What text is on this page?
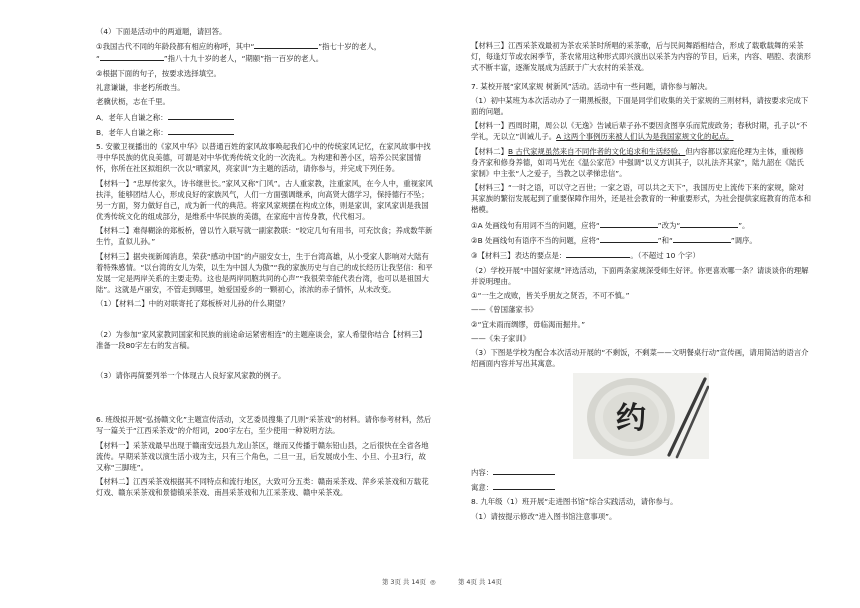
（4）下面是活动中的两道题，请回答。

①我国古代不同的年龄段都有相应的称呼，其中“	”指七十岁的老人，
“	”指八十九十岁的老人，“期颐”指一百岁的老人。

②根据下面的句子，按要求选择填空。

礼意谦谦，非老朽所敢当。

老骥伏枥，志在千里。

A．老年人自谦之称：

B．老年人自谦之称：

5. 安徽卫视播出的《家风中华》以普通百姓的家风故事唤起我们心中的传统家风记忆，在家风故事中找寻中华民族的优良美德，可谓是对中华优秀传统文化的一次洗礼。为构建和善小区，培养公民家国情怀，你所在社区拟组织一次以“晒家风，亮家训”为主题的活动，请你参与，并完成下列任务。

【材料一】“忠厚传家久，诗书继世长。”家风又称“门风”。古人重家教，注重家风，在今人中，重视家风扶洋，能够团结人心，形成良好的家族风气，人们一方面强调继承，向高贤大德学习，保持德行不坠；另一方面，努力做好自己，成为新一代的典范。将家风家规摆在构成立体，则是家训，家风家训是我国优秀传统文化的组成部分，是维系中华民族的美德，在家庭中言传身教，代代相习。

【材料二】难得糊涂的郑板桥，曾以竹入联写就一副家教联：“咬定几句有用书，可充饮食；养成数竿新生竹，直似儿孙。”

【材料三】据央视新闻消息，荣获“感动中国”的卢丽安女士，生于台湾高雄，从小受家人影响对大陆有着特殊感情。“以台湾的女儿为荣，以生为中国人为傲”“我的家族历史与自己的成长经历让我坚信：和平发展一定是两岸关系的主要走势。这也是两岸同胞共同的心声”“我很荣幸能代表台湾，也可以是祖国大陆”。这就是卢丽安，不管走到哪里，她爱国爱乡的一颗初心，浓浓的赤子情怀，从未改变。

（1）【材料二】中的对联寄托了郑板桥对儿孙的什么期望？

（2）为参加“家风家教同国家和民族的前途命运紧密相连”的主题座谈会，家人希望你结合【材料三】准备一段80字左右的发言稿。

（3）请你再简要列举一个体现古人良好家风家教的例子。

6. 班级拟开展“弘扬赣文化”主题宣传活动，文艺委员搜集了几则“采茶戏”的材料。请你参考材料，然后写一篇关于“江西采茶戏”的介绍词，200字左右，至少使用一种说明方法。

【材料一】采茶戏最早出现于赣南安远县九龙山茶区，继而又传播于赣东铅山县，之后很快在全省各地流传。早期采茶戏以演生活小戏为主，只有三个角色，二旦一丑，后发展成小生、小旦、小丑3行，故又称“三脚班”。

【材料二】江西采茶戏根据其不同特点和流行地区，大致可分五类：赣南采茶戏、萍乡采茶戏和万载花灯戏、赣东采茶戏和景德镇采茶戏、南昌采茶戏和九江采茶戏、赣中采茶戏。

【材料三】江西采茶戏最初为茶农采茶时所唱的采茶歌，后与民间舞蹈相结合，形成了载歌载舞的采茶灯，每逢灯节或农闲季节，茶农常用这种形式即兴演出以采茶为内容的节目，后来，内容、唱腔、表演形式不断丰富，逐渐发展成为活跃于广大农村的采茶戏。

7. 某校开展“家风家规 树新风”活动。活动中有一些问题，请你参与解决。

（1）初中某班为本次活动办了一期黑板报，下面是同学们收集的关于家规的三则材料，请按要求完成下面的问题。

【材料一】西周时期，周公以《无逸》告诫后辈子孙不要因贪图享乐而荒废政务；春秋时期，孔子以“不学礼，无以立”训诫儿子。A 这两个事例历来被人们认为是我国家规文化的起点。

【材料二】B 古代家规虽然来自不同作者的文化追求和生活经验，但内容都以家庭伦理为主体，重视修身齐家和修身养德，如司马光在《温公家范》中强调“以义方训其子，以礼法齐其家”，陆九韶在《陆氏家制》中主张“人之爱子，当教之以孝悌忠信”。

【材料三】“一时之语，可以守之百世；一家之语，可以共之天下”，我国历史上流传下来的家规，除对其家族的繁衍发展起到了重要保障作用外，还是社会教育的一种重要形式，为社会提供家庭教育的范本和楷模。

①A 处画线句有用词不当的问题，应将“	”改为“	”。

②B 处画线句有语序不当的问题，应将“	”和“	”调序。

③【材料三】表达的要点是：	。（不超过 10 个字）

（2）学校开展“中国好家规”评选活动，下面两条家规深受师生好评。你更喜欢哪一条？请谈谈你的理解并说明理由。

①“一生之成败，皆关乎朋友之贤否，不可不慎。”

——《曾国藩家书》

②“宜未雨而绸缪，毋临渴而掘井。”

——《朱子家训》

（3）下图是学校为配合本次活动开展的“不剩饭，不剩菜——文明餐桌行动”宣传画，请用简洁的语言介绍画面内容并写出其寓意。

约

内容：

寓意：

8. 九年级（1）班开展“走进图书馆”综合实践活动，请你参与。

（1）请按提示修改“进入图书馆注意事项”。

第 3页 共 14页 ◎	第 4页 共 14页
